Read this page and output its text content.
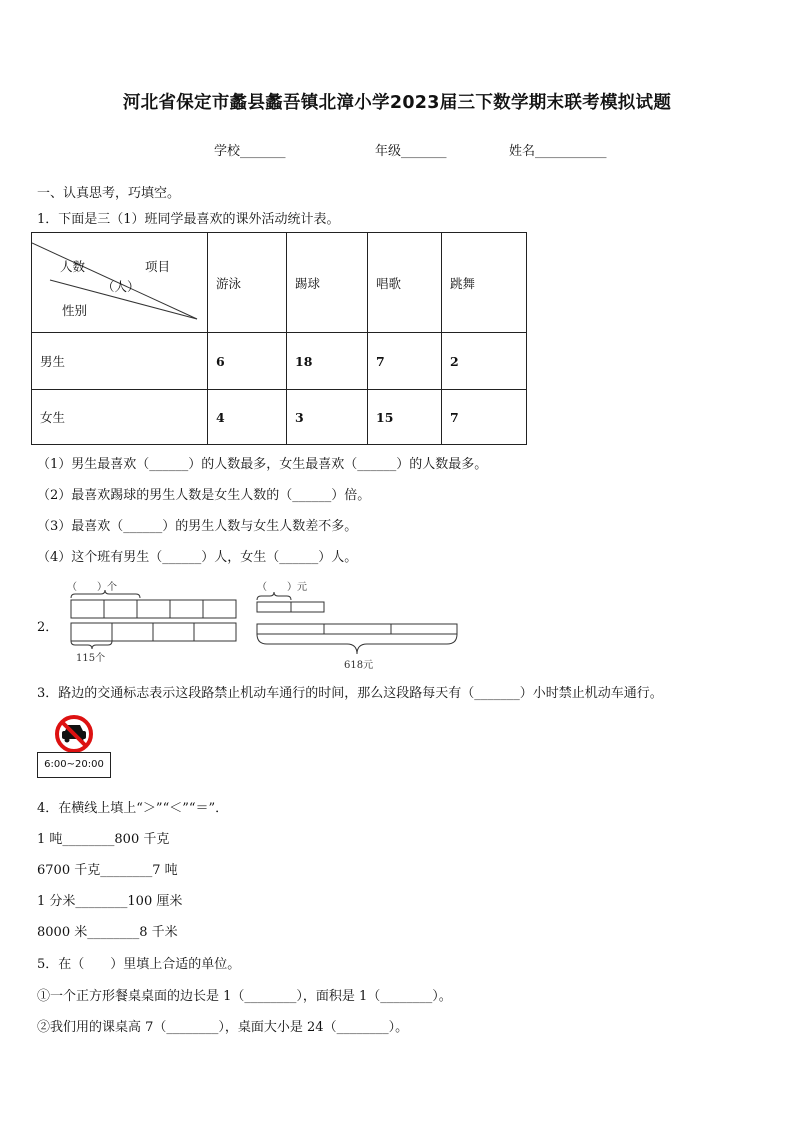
河北省保定市蠡县蠡吾镇北漳小学2023届三下数学期末联考模拟试题
学校_______	年级_______	姓名___________
一、认真思考，巧填空。
1．下面是三（1）班同学最喜欢的课外活动统计表。
人数 项目
（人）
性别	游泳	踢球	唱歌	跳舞
男生	6	18	7	2
女生	4	3	15	7
（1）男生最喜欢（______）的人数最多，女生最喜欢（______）的人数最多。
（2）最喜欢踢球的男生人数是女生人数的（______）倍。
（3）最喜欢（______）的男生人数与女生人数差不多。
（4）这个班有男生（______）人，女生（______）人。
2．
（　　）个
115个
（　　）元
618元
3．路边的交通标志表示这段路禁止机动车通行的时间，那么这段路每天有（_______）小时禁止机动车通行。
6:00~20:00
4．在横线上填上“＞”“＜”“＝”．
1 吨________800 千克
6700 千克________7 吨
1 分米________100 厘米
8000 米________8 千米
5．在（　　）里填上合适的单位。
①一个正方形餐桌桌面的边长是 1（________），面积是 1（________）。
②我们用的课桌高 7（________），桌面大小是 24（________）。
